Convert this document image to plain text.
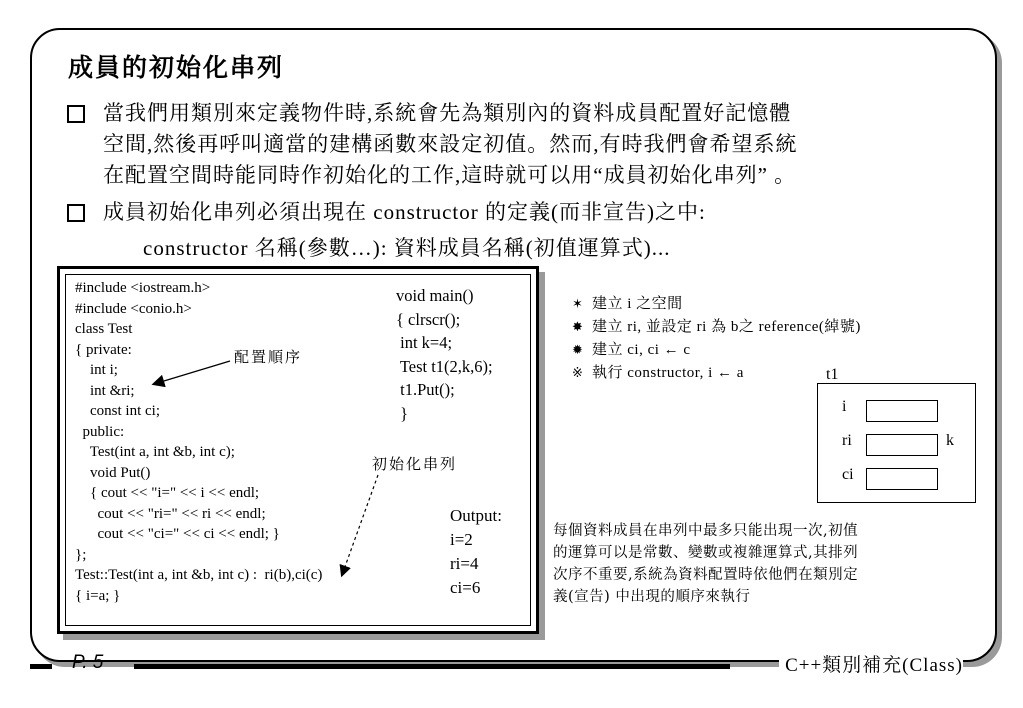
成員的初始化串列

當我們用類別來定義物件時,系統會先為類別內的資料成員配置好記憶體

空間,然後再呼叫適當的建構函數來設定初值。然而,有時我們會希望系統

在配置空間時能同時作初始化的工作,這時就可以用“成員初始化串列” 。

成員初始化串列必須出現在 constructor 的定義(而非宣告)之中:

constructor 名稱(參數…): 資料成員名稱(初值運算式)...
#include <iostream.h>
#include <conio.h>
class Test
{ private:
int i;
int &ri;
const int ci;
public:
Test(int a, int &b, int c);
void Put()
{ cout << "i=" << i << endl;
cout << "ri=" << ri << endl;
cout << "ci=" << ci << endl; }
};
Test::Test(int a, int &b, int c) :  ri(b),ci(c)
{ i=a; }
void main()
{ clrscr();
int k=4;
Test t1(2,k,6);
t1.Put();
}
Output:
i=2
ri=4
ci=6
配置順序
初始化串列
✶ 建立 i 之空間
✸ 建立 ri, 並設定 ri 為 b之 reference(綽號)
✹ 建立 ci, ci ← c
※ 執行 constructor, i ← a	t1
i
ri	k
ci

每個資料成員在串列中最多只能出現一次,初值

的運算可以是常數、變數或複雜運算式,其排列

次序不重要,系統為資料配置時依他們在類別定

義(宣告) 中出現的順序來執行

P. 5	C++類別補充(Class)
